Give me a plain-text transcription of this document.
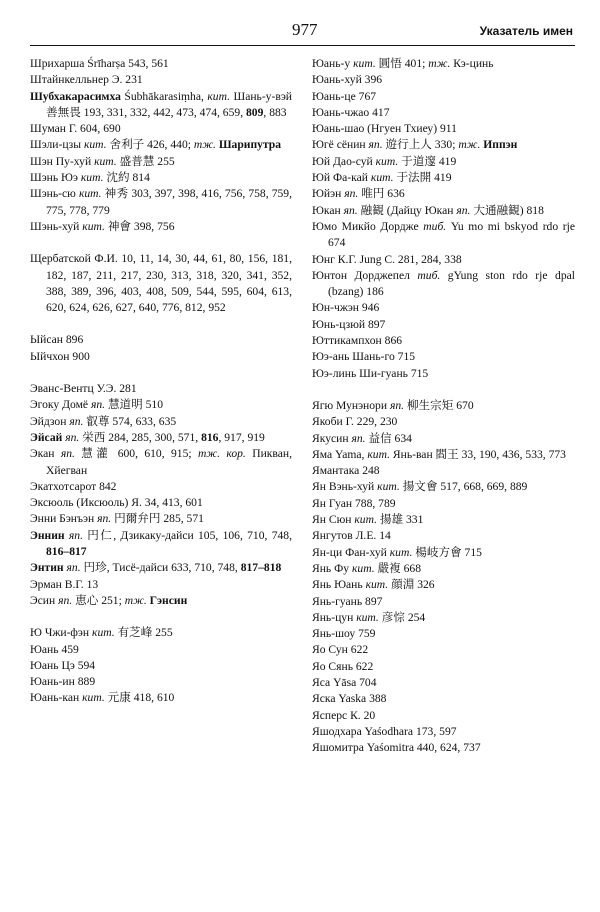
977	Указатель имен

Шрихарша Śrīharṣa 543, 561

Штайнкелльнер Э. 231

Шубхакарасимха Śubhākarasiṃha, кит. Шань-у-вэй 善無畏 193, 331, 332, 442, 473, 474, 659, 809, 883

Шуман Г. 604, 690

Шэли-цзы кит. 舍利子 426, 440; тж. Шарипутра

Шэн Пу-хуй кит. 盛普慧 255

Шэнь Юэ кит. 沈約 814

Шэнь-сю кит. 神秀 303, 397, 398, 416, 756, 758, 759, 775, 778, 779

Шэнь-хуй кит. 神會 398, 756

Щербатской Ф.И. 10, 11, 14, 30, 44, 61, 80, 156, 181, 182, 187, 211, 217, 230, 313, 318, 320, 341, 352, 388, 389, 396, 403, 408, 509, 544, 595, 604, 613, 620, 624, 626, 627, 640, 776, 812, 952

Ыйсан 896

Ыйчхон 900

Эванс-Вентц У.Э. 281

Эгоку Домё яп. 慧道明 510

Эйдзон яп. 叡尊 574, 633, 635

Эйсай яп. 栄西 284, 285, 300, 571, 816, 917, 919

Экан яп. 慧灌 600, 610, 915; тж. кор. Пикван, Хйегван

Экатхотсарот 842

Эксюоль (Иксюоль) Я. 34, 413, 601

Энни Бэнъэн яп. 円爾弁円 285, 571

Эннин яп. 円仁, Дзикаку-дайси 105, 106, 710, 748, 816–817

Энтин яп. 円珍, Тисё-дайси 633, 710, 748, 817–818

Эрман В.Г. 13

Эсин яп. 恵心 251; тж. Гэнсин

Ю Чжи-фэн кит. 有芝峰 255

Юань 459

Юань Цэ 594

Юань-ин 889

Юань-кан кит. 元康 418, 610

Юань-у кит. 圓悟 401; тж. Кэ-цинь

Юань-хуй 396

Юань-це 767

Юань-чжао 417

Юань-шао (Нгуен Тхиеу) 911

Югё сёнин яп. 遊行上人 330; тж. Иппэн

Юй Дао-суй кит. 于道邃 419

Юй Фа-кай кит. 于法開 419

Юйэн яп. 唯円 636

Юкан яп. 融観 (Дайцу Юкан яп. 大通融観) 818

Юмо Микйо Дордже тиб. Yu mo mi bskyod rdo rje 674

Юнг К.Г. Jung C. 281, 284, 338

Юнтон Дорджепел тиб. gYung ston rdo rje dpal (bzang) 186

Юн-чжэн 946

Юнь-цзюй 897

Юттикампхон 866

Юэ-ань Шань-го 715

Юэ-линь Ши-гуань 715

Ягю Мунэнори яп. 柳生宗矩 670

Якоби Г. 229, 230

Якусин яп. 益信 634

Яма Yama, кит. Янь-ван 閻王 33, 190, 436, 533, 773

Ямантака 248

Ян Вэнь-хуй кит. 揚文會 517, 668, 669, 889

Ян Гуан 788, 789

Ян Сюн кит. 揚雄 331

Янгутов Л.Е. 14

Ян-ци Фан-хуй кит. 楊岐方會 715

Янь Фу кит. 嚴複 668

Янь Юань кит. 顔淵 326

Янь-гуань 897

Янь-цун кит. 彦悰 254

Янь-шоу 759

Яо Сун 622

Яо Сянь 622

Яса Yāsa 704

Яска Yaska 388

Ясперс К. 20

Яшодхара Yaśodhara 173, 597

Яшомитра Yaśomitra 440, 624, 737
